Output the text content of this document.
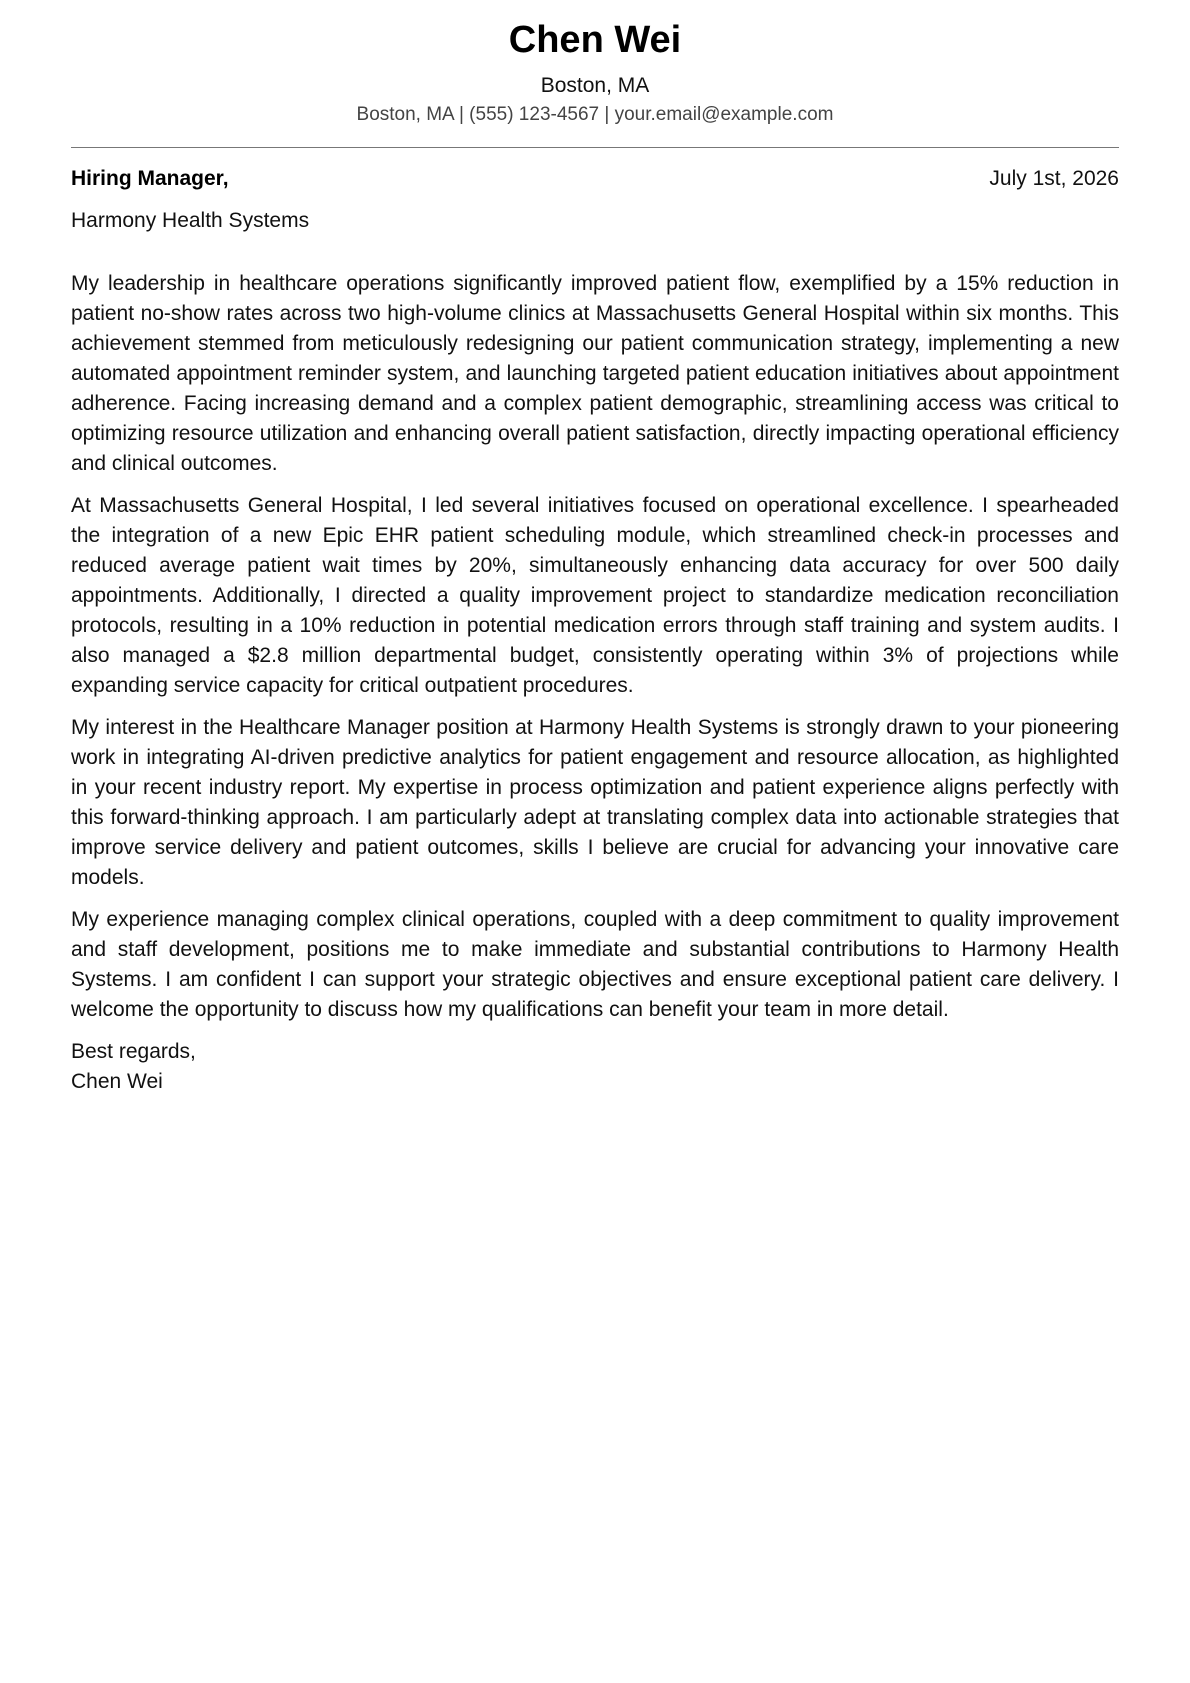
Chen Wei
Boston, MA
Boston, MA | (555) 123-4567 | your.email@example.com
Hiring Manager,	July 1st, 2026
Harmony Health Systems

My leadership in healthcare operations significantly improved patient flow, exemplified by a 15% reduction in patient no-show rates across two high-volume clinics at Massachusetts General Hospital within six months. This achievement stemmed from meticulously redesigning our patient communication strategy, implementing a new automated appointment reminder system, and launching targeted patient education initiatives about appointment adherence. Facing increasing demand and a complex patient demographic, streamlining access was critical to optimizing resource utilization and enhancing overall patient satisfaction, directly impacting operational efficiency and clinical outcomes.

At Massachusetts General Hospital, I led several initiatives focused on operational excellence. I spearheaded the integration of a new Epic EHR patient scheduling module, which streamlined check-in processes and reduced average patient wait times by 20%, simultaneously enhancing data accuracy for over 500 daily appointments. Additionally, I directed a quality improvement project to standardize medication reconciliation protocols, resulting in a 10% reduction in potential medication errors through staff training and system audits. I also managed a $2.8 million departmental budget, consistently operating within 3% of projections while expanding service capacity for critical outpatient procedures.

My interest in the Healthcare Manager position at Harmony Health Systems is strongly drawn to your pioneering work in integrating AI-driven predictive analytics for patient engagement and resource allocation, as highlighted in your recent industry report. My expertise in process optimization and patient experience aligns perfectly with this forward-thinking approach. I am particularly adept at translating complex data into actionable strategies that improve service delivery and patient outcomes, skills I believe are crucial for advancing your innovative care models.

My experience managing complex clinical operations, coupled with a deep commitment to quality improvement and staff development, positions me to make immediate and substantial contributions to Harmony Health Systems. I am confident I can support your strategic objectives and ensure exceptional patient care delivery. I welcome the opportunity to discuss how my qualifications can benefit your team in more detail.

Best regards,
Chen Wei
